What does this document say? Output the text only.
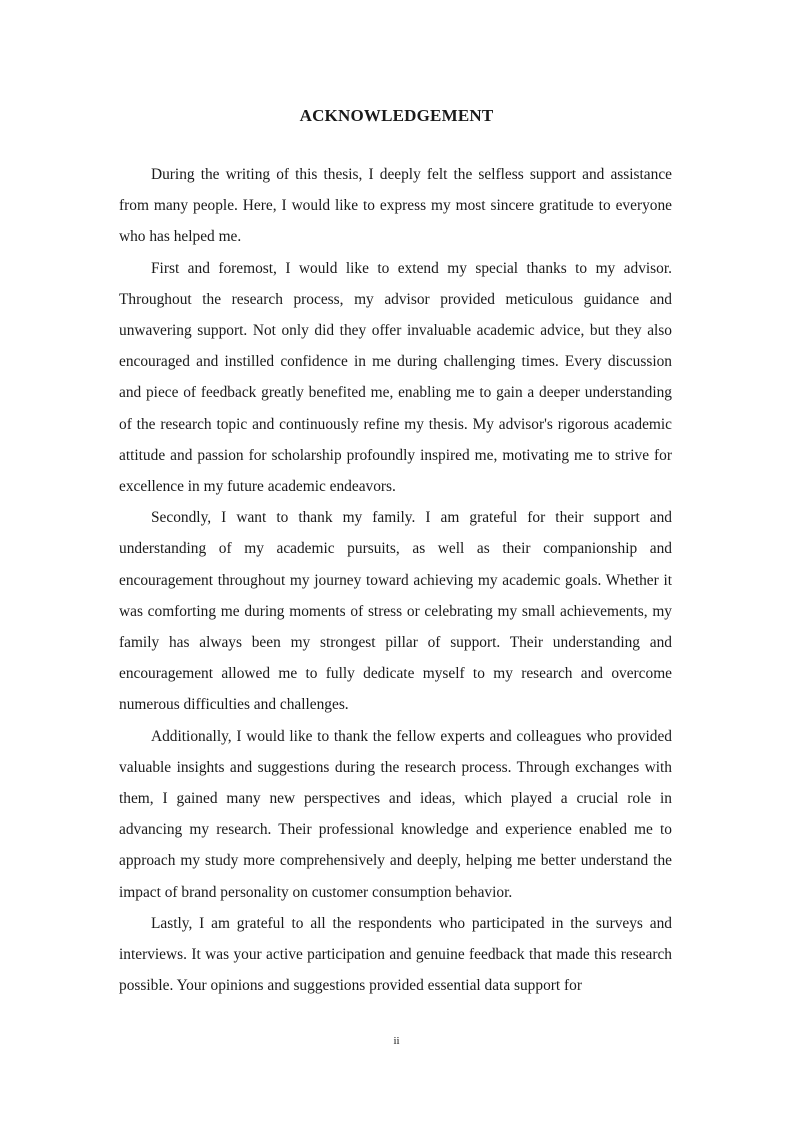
ACKNOWLEDGEMENT

During the writing of this thesis, I deeply felt the selfless support and assistance from many people. Here, I would like to express my most sincere gratitude to everyone who has helped me.

First and foremost, I would like to extend my special thanks to my advisor. Throughout the research process, my advisor provided meticulous guidance and unwavering support. Not only did they offer invaluable academic advice, but they also encouraged and instilled confidence in me during challenging times. Every discussion and piece of feedback greatly benefited me, enabling me to gain a deeper understanding of the research topic and continuously refine my thesis. My advisor's rigorous academic attitude and passion for scholarship profoundly inspired me, motivating me to strive for excellence in my future academic endeavors.

Secondly, I want to thank my family. I am grateful for their support and understanding of my academic pursuits, as well as their companionship and encouragement throughout my journey toward achieving my academic goals. Whether it was comforting me during moments of stress or celebrating my small achievements, my family has always been my strongest pillar of support. Their understanding and encouragement allowed me to fully dedicate myself to my research and overcome numerous difficulties and challenges.

Additionally, I would like to thank the fellow experts and colleagues who provided valuable insights and suggestions during the research process. Through exchanges with them, I gained many new perspectives and ideas, which played a crucial role in advancing my research. Their professional knowledge and experience enabled me to approach my study more comprehensively and deeply, helping me better understand the impact of brand personality on customer consumption behavior.

Lastly, I am grateful to all the respondents who participated in the surveys and interviews. It was your active participation and genuine feedback that made this research possible. Your opinions and suggestions provided essential data support for

ii
